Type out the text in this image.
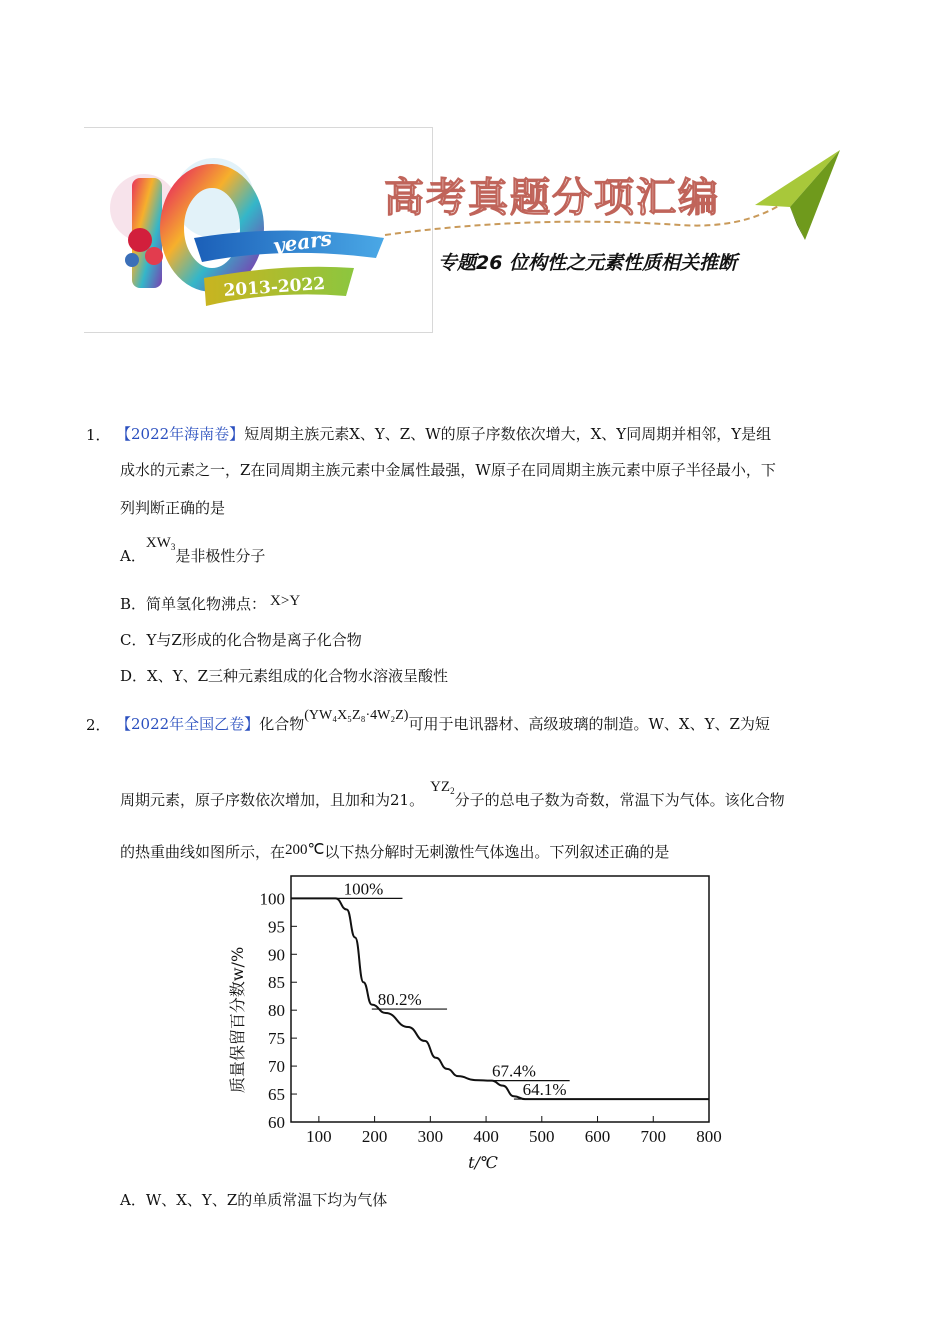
years
2013-2022
高考真题分项汇编
专题26 位构性之元素性质相关推断
1． 【2022年海南卷】短周期主族元素X、Y、Z、W的原子序数依次增大，X、Y同周期并相邻，Y是组
成水的元素之一，Z在同周期主族元素中金属性最强，W原子在同周期主族元素中原子半径最小，下
列判断正确的是
A．$XW_3$是非极性分子
B．简单氢化物沸点： X>Y
C．Y与Z形成的化合物是离子化合物
D．X、Y、Z三种元素组成的化合物水溶液呈酸性
2． 【2022年全国乙卷】化合物(YW₄X₅Z₈·4W₂Z)可用于电讯器材、高级玻璃的制造。W、X、Y、Z为短
周期元素，原子序数依次增加，且加和为21。$YZ_2$分子的总电子数为奇数，常温下为气体。该化合物
的热重曲线如图所示，在200℃以下热分解时无刺激性气体逸出。下列叙述正确的是
60
65
70
75
80
85
90
95
100
100 200 300 400 500 600 700 800
100%
80.2%
67.4%
64.1%
质量保留百分数w/%
t/℃
A．W、X、Y、Z的单质常温下均为气体
